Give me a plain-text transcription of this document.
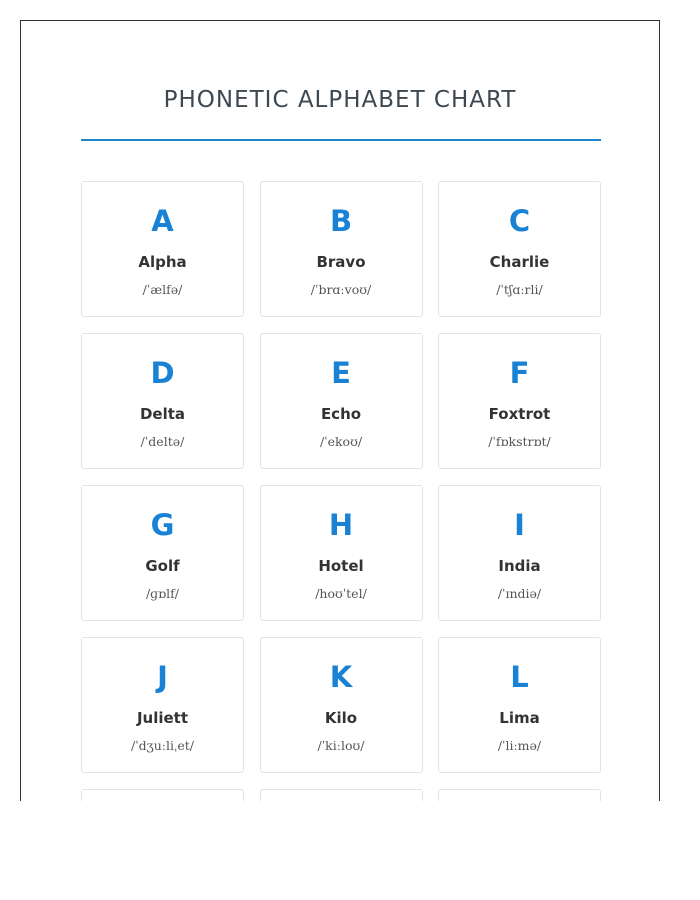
PHONETIC ALPHABET CHART
A
Alpha
/ˈælfə/
B
Bravo
/ˈbrɑːvoʊ/
C
Charlie
/ˈtʃɑːrli/
D
Delta
/ˈdeltə/
E
Echo
/ˈekoʊ/
F
Foxtrot
/ˈfɒkstrɒt/
G
Golf
/ɡɒlf/
H
Hotel
/hoʊˈtel/
I
India
/ˈɪndiə/
J
Juliett
/ˈdʒuːliˌet/
K
Kilo
/ˈkiːloʊ/
L
Lima
/ˈliːmə/
